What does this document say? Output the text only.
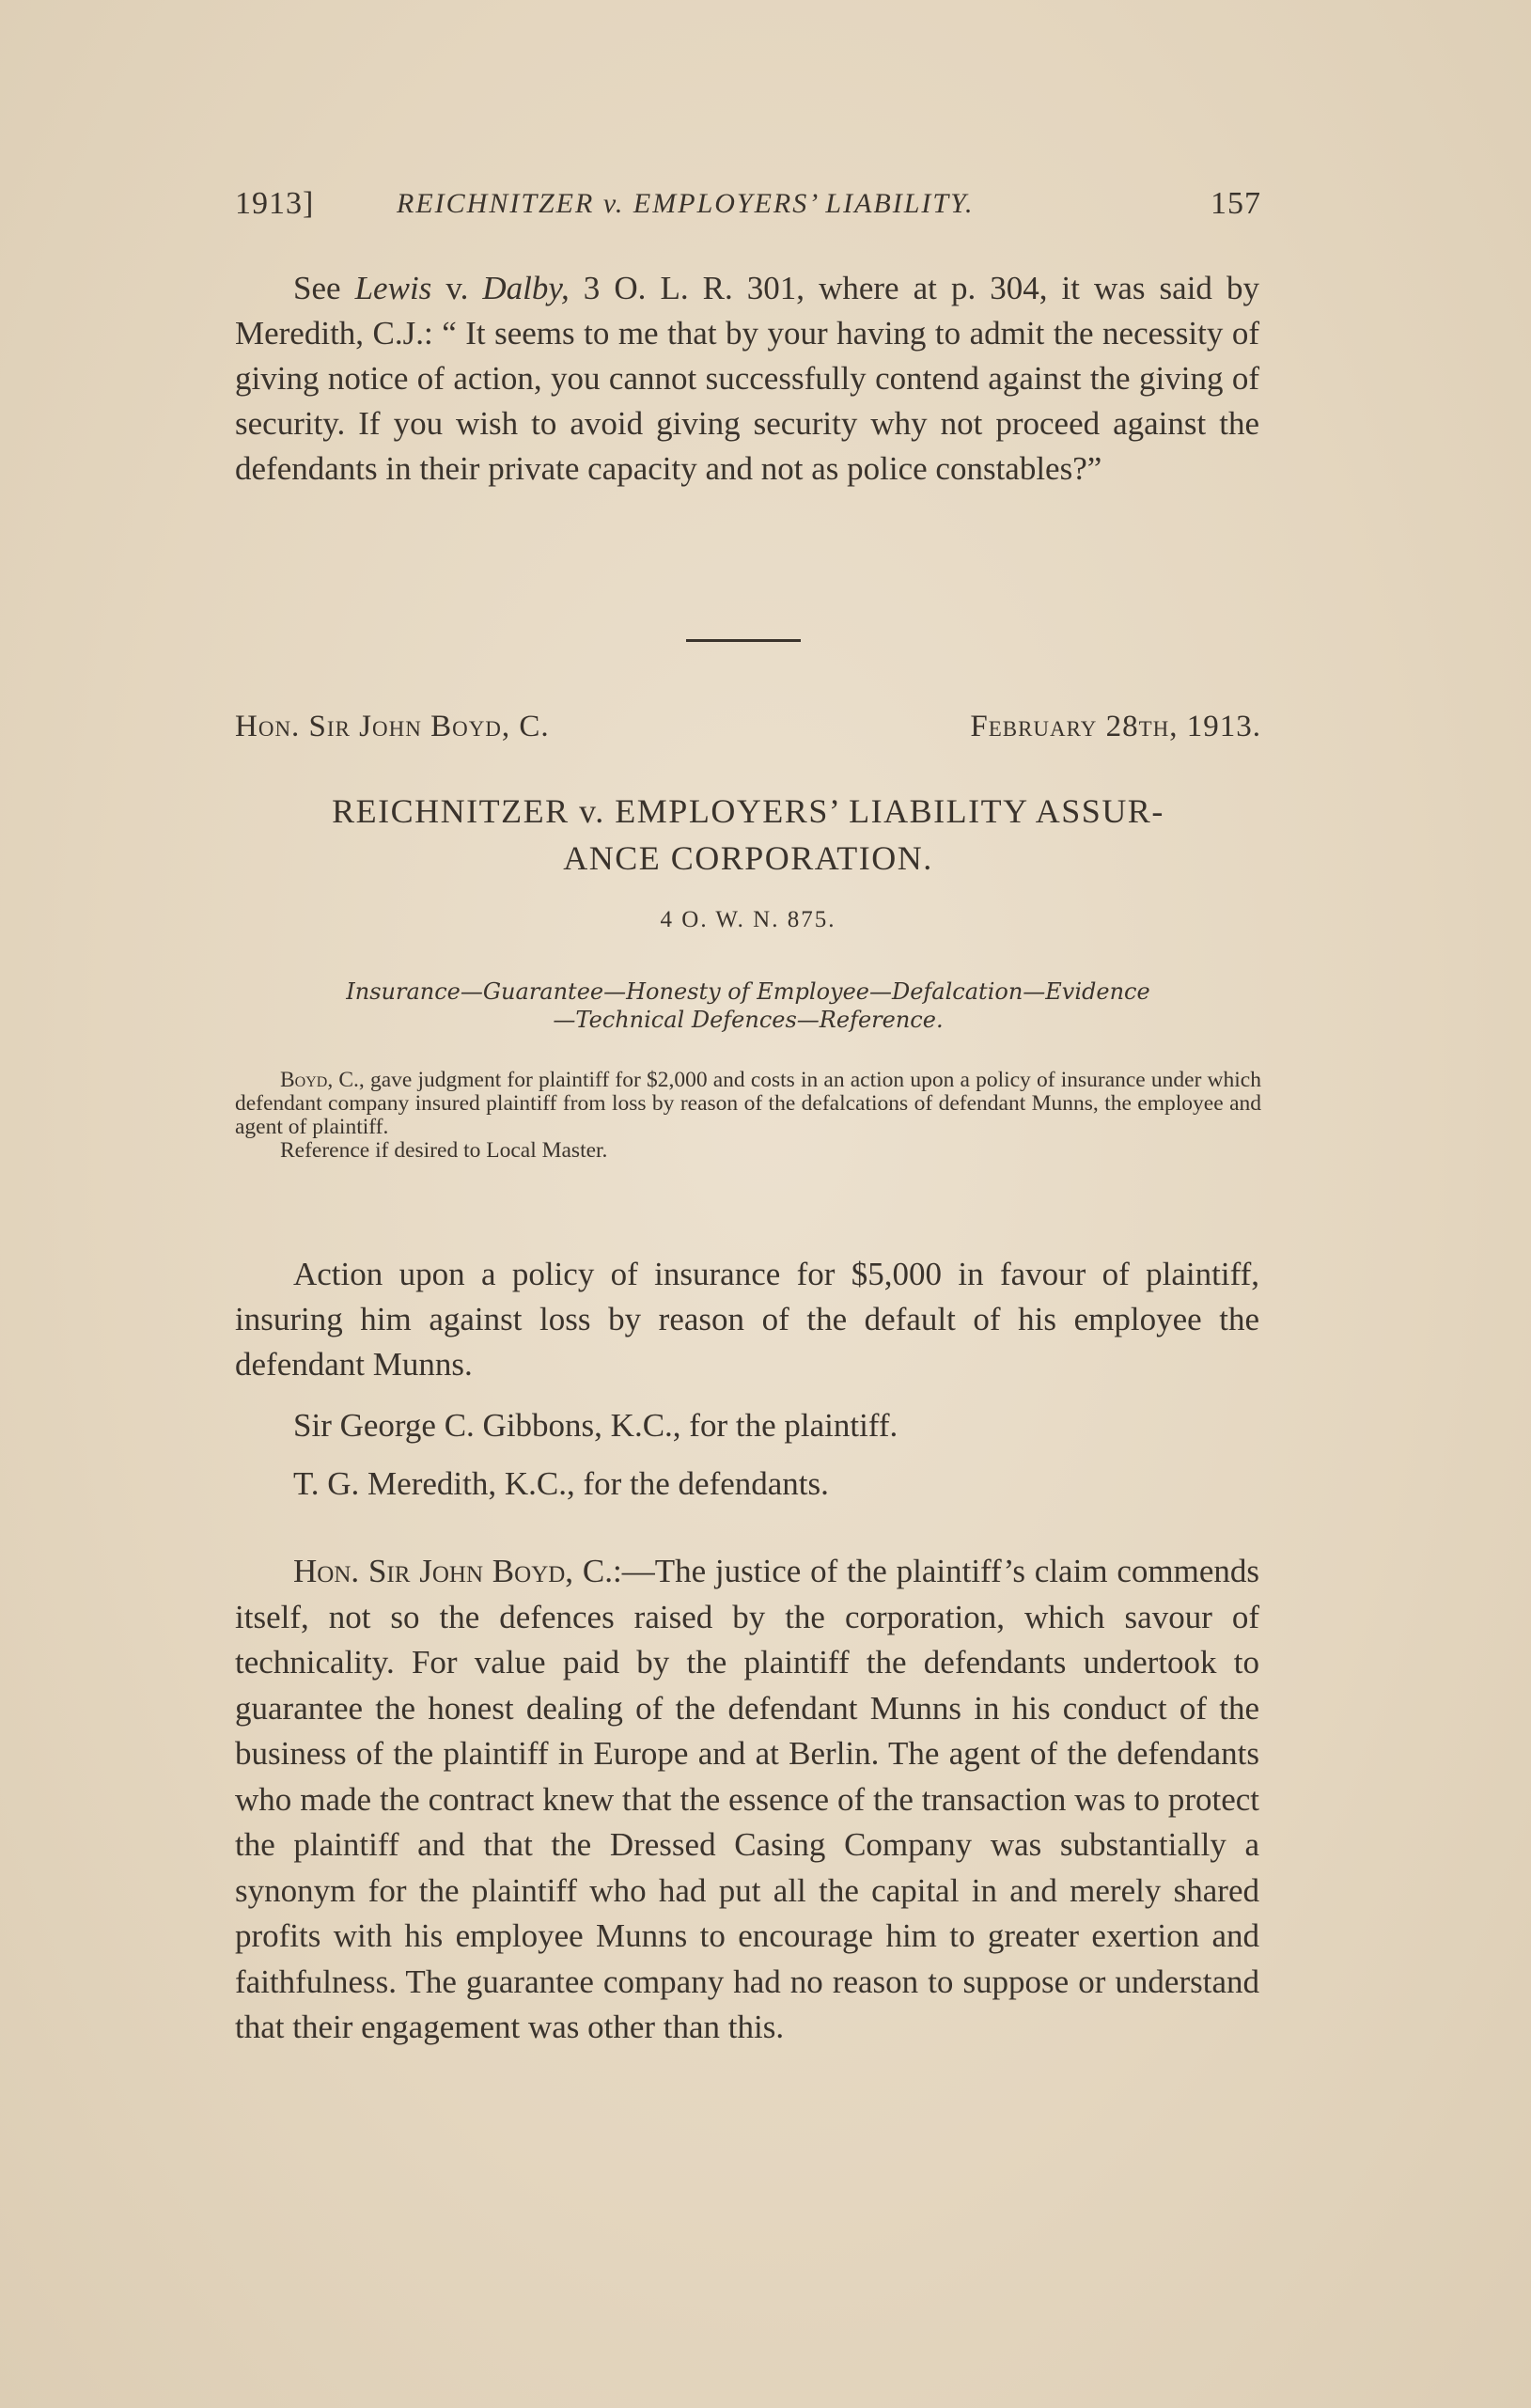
1913]	REICHNITZER v. EMPLOYERS’ LIABILITY.	157
See Lewis v. Dalby, 3 O. L. R. 301, where at p. 304, it was said by Meredith, C.J.: “ It seems to me that by your having to admit the necessity of giving notice of action, you cannot successfully contend against the giving of security. If you wish to avoid giving security why not proceed against the defendants in their private capacity and not as police constables?”
Hon. Sir John Boyd, C.	February 28th, 1913.
REICHNITZER v. EMPLOYERS’ LIABILITY ASSUR-
ANCE CORPORATION.
4 O. W. N. 875.
Insurance—Guarantee—Honesty of Employee—Defalcation—Evidence
—Technical Defences—Reference.

Boyd, C., gave judgment for plaintiff for $2,000 and costs in an action upon a policy of insurance under which defendant company insured plaintiff from loss by reason of the defalcations of defendant Munns, the employee and agent of plaintiff.

Reference if desired to Local Master.

Action upon a policy of insurance for $5,000 in favour of plaintiff, insuring him against loss by reason of the default of his employee the defendant Munns.
Sir George C. Gibbons, K.C., for the plaintiff.
T. G. Meredith, K.C., for the defendants.
Hon. Sir John Boyd, C.:—The justice of the plaintiff’s claim commends itself, not so the defences raised by the corporation, which savour of technicality. For value paid by the plaintiff the defendants undertook to guarantee the honest dealing of the defendant Munns in his conduct of the business of the plaintiff in Europe and at Berlin. The agent of the defendants who made the contract knew that the essence of the transaction was to protect the plaintiff and that the Dressed Casing Company was substantially a synonym for the plaintiff who had put all the capital in and merely shared profits with his employee Munns to encourage him to greater exertion and faithfulness. The guarantee company had no reason to suppose or understand that their engagement was other than this.
